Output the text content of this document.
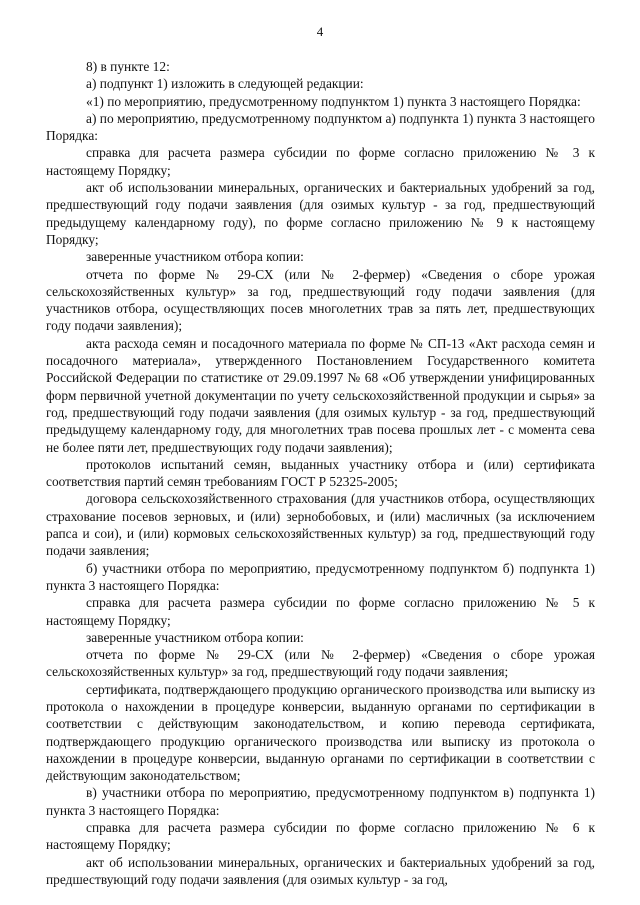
4

8) в пункте 12:

а) подпункт 1) изложить в следующей редакции:

«1) по мероприятию, предусмотренному подпунктом 1) пункта 3 настоящего Порядка:

а) по мероприятию, предусмотренному подпунктом а) подпункта 1) пункта 3 настоящего Порядка:

справка для расчета размера субсидии по форме согласно приложению № 3 к настоящему Порядку;

акт об использовании минеральных, органических и бактериальных удобрений за год, предшествующий году подачи заявления (для озимых культур - за год, предшествующий предыдущему календарному году), по форме согласно приложению № 9 к настоящему Порядку;

заверенные участником отбора копии:

отчета по форме № 29-СХ (или № 2-фермер) «Сведения о сборе урожая сельскохозяйственных культур» за год, предшествующий году подачи заявления (для участников отбора, осуществляющих посев многолетних трав за пять лет, предшествующих году подачи заявления);

акта расхода семян и посадочного материала по форме № СП-13 «Акт расхода семян и посадочного материала», утвержденного Постановлением Государственного комитета Российской Федерации по статистике от 29.09.1997 № 68 «Об утверждении унифицированных форм первичной учетной документации по учету сельскохозяйственной продукции и сырья» за год, предшествующий году подачи заявления (для озимых культур - за год, предшествующий предыдущему календарному году, для многолетних трав посева прошлых лет - с момента сева не более пяти лет, предшествующих году подачи заявления);

протоколов испытаний семян, выданных участнику отбора и (или) сертификата соответствия партий семян требованиям ГОСТ Р 52325-2005;

договора сельскохозяйственного страхования (для участников отбора, осуществляющих страхование посевов зерновых, и (или) зернобобовых, и (или) масличных (за исключением рапса и сои), и (или) кормовых сельскохозяйственных культур) за год, предшествующий году подачи заявления;

б) участники отбора по мероприятию, предусмотренному подпунктом б) подпункта 1) пункта 3 настоящего Порядка:

справка для расчета размера субсидии по форме согласно приложению № 5 к настоящему Порядку;

заверенные участником отбора копии:

отчета по форме № 29-СХ (или № 2-фермер) «Сведения о сборе урожая сельскохозяйственных культур» за год, предшествующий году подачи заявления;

сертификата, подтверждающего продукцию органического производства или выписку из протокола о нахождении в процедуре конверсии, выданную органами по сертификации в соответствии с действующим законодательством, и копию перевода сертификата, подтверждающего продукцию органического производства или выписку из протокола о нахождении в процедуре конверсии, выданную органами по сертификации в соответствии с действующим законодательством;

в) участники отбора по мероприятию, предусмотренному подпунктом в) подпункта 1) пункта 3 настоящего Порядка:

справка для расчета размера субсидии по форме согласно приложению № 6 к настоящему Порядку;

акт об использовании минеральных, органических и бактериальных удобрений за год, предшествующий году подачи заявления (для озимых культур - за год,
